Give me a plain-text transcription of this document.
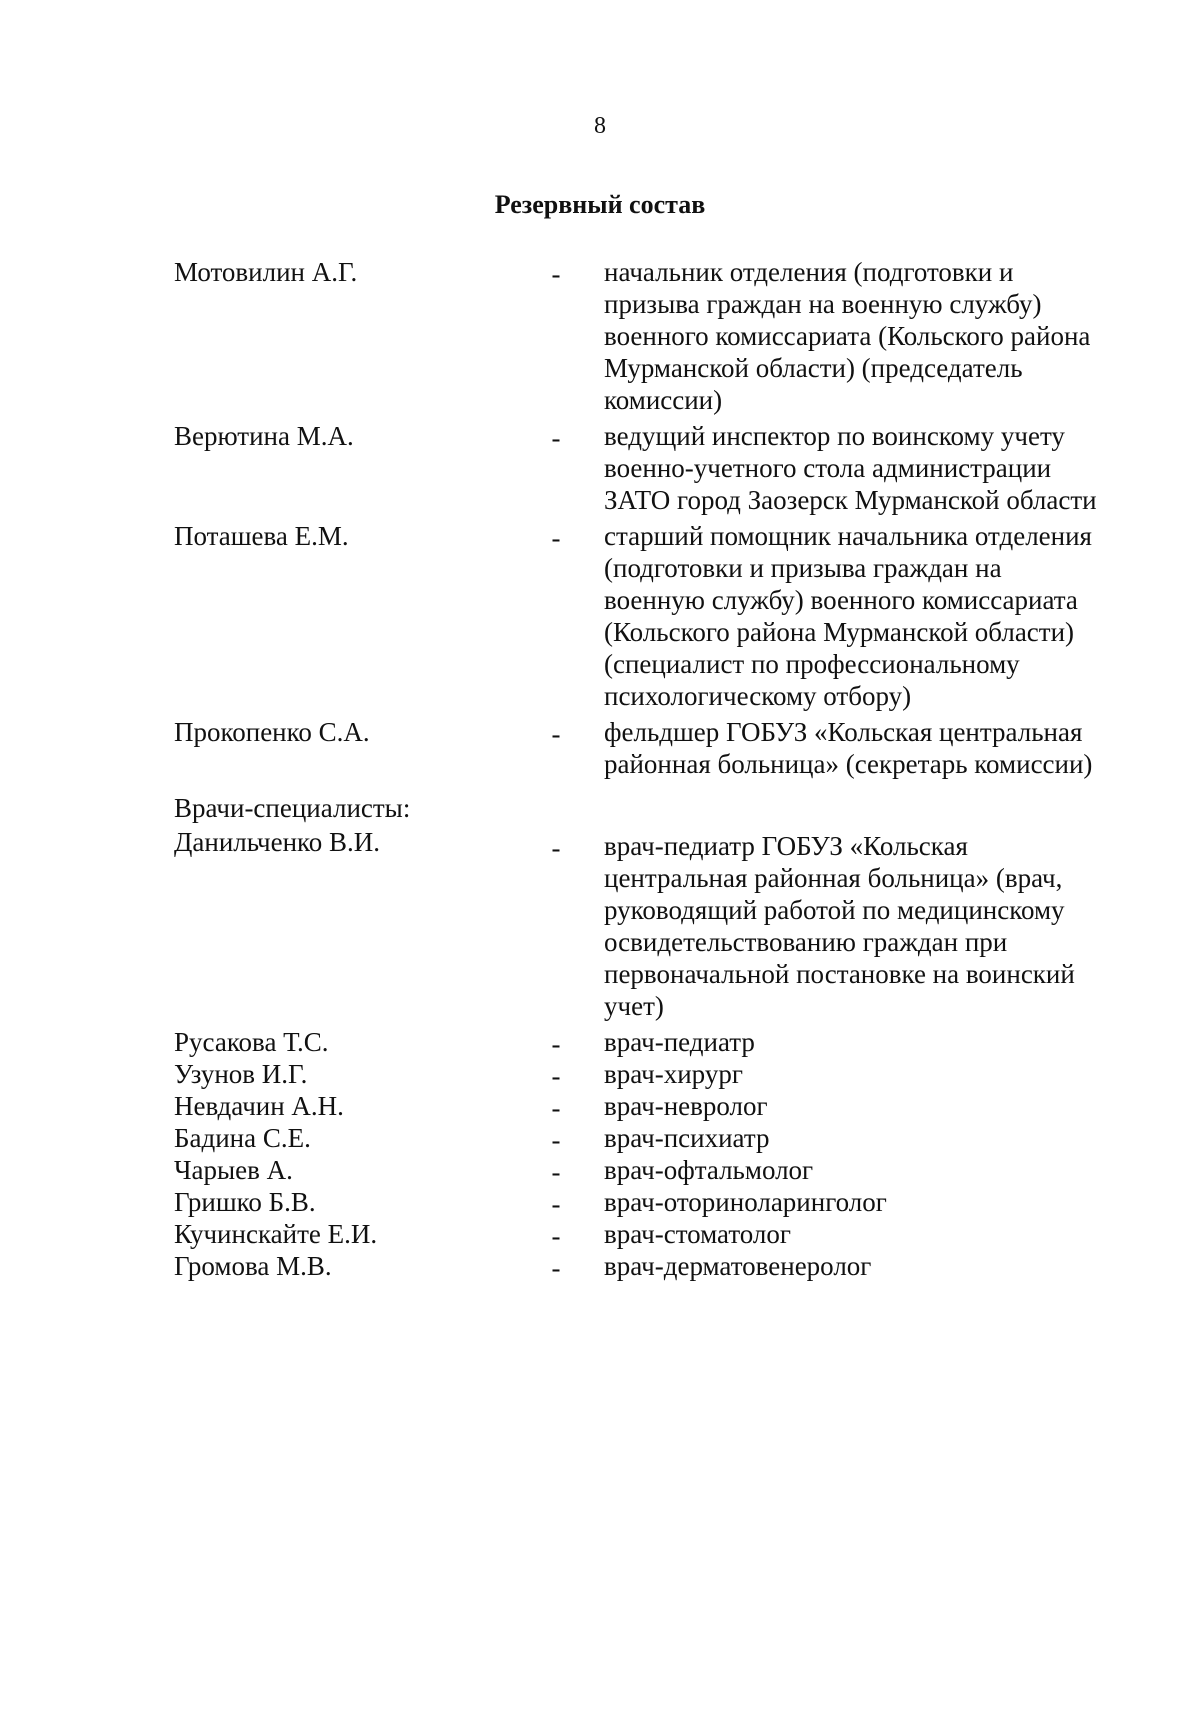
8
Резервный состав
Мотовилин А.Г.	- начальник отделения (подготовки и
призыва граждан на военную службу)
военного комиссариата (Кольского района
Мурманской области) (председатель
комиссии)
Верютина М.А.	- ведущий инспектор по воинскому учету
военно-учетного стола администрации
ЗАТО город Заозерск Мурманской области
Поташева Е.М.	- старший помощник начальника отделения
(подготовки и призыва граждан на
военную службу) военного комиссариата
(Кольского района Мурманской области)
(специалист по профессиональному
психологическому отбору)
Прокопенко С.А.	- фельдшер ГОБУЗ «Кольская центральная
районная больница» (секретарь комиссии)
Врачи-специалисты:
Данильченко В.И.	- врач-педиатр ГОБУЗ «Кольская
центральная районная больница» (врач,
руководящий работой по медицинскому
освидетельствованию граждан при
первоначальной постановке на воинский
учет)
Русакова Т.С.	- врач-педиатр
Узунов И.Г.	- врач-хирург
Невдачин А.Н.	- врач-невролог
Бадина С.Е.	- врач-психиатр
Чарыев А.	- врач-офтальмолог
Гришко Б.В.	- врач-оториноларинголог
Кучинскайте Е.И.	- врач-стоматолог
Громова М.В.	- врач-дерматовенеролог
